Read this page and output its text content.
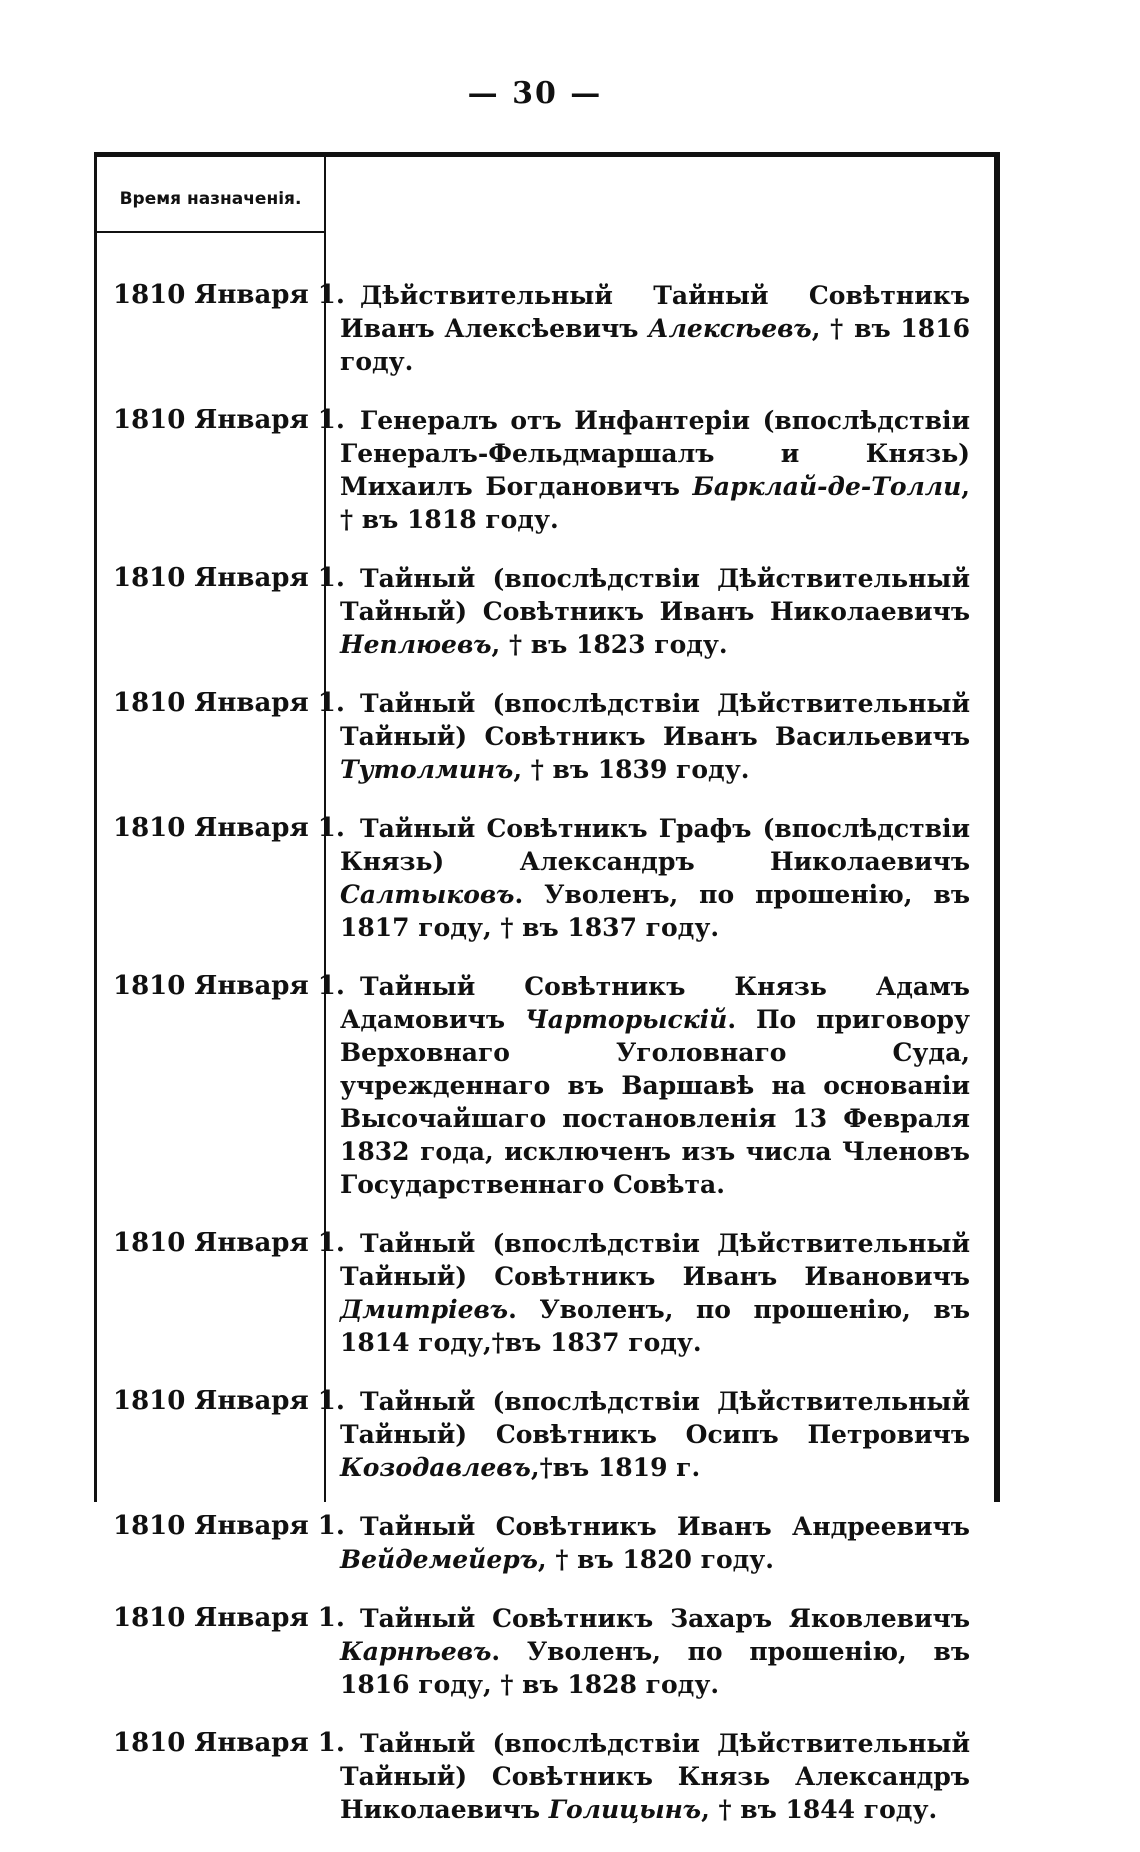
— 30 —
Время назначенія.
1810 Января 1. Дѣйствительный Тайный Совѣтникъ Иванъ Алексѣевичъ Алексѣевъ, † въ 1816 году.
1810 Января 1. Генералъ отъ Инфантеріи (впослѣдствіи Генералъ-Фельдмаршалъ и Князь) Михаилъ Богдановичъ Барклай-де-Толли, † въ 1818 году.
1810 Января 1. Тайный (впослѣдствіи Дѣйствительный Тайный) Совѣтникъ Иванъ Николаевичъ Неплюевъ, † въ 1823 году.
1810 Января 1. Тайный (впослѣдствіи Дѣйствительный Тайный) Совѣтникъ Иванъ Васильевичъ Тутолминъ, † въ 1839 году.
1810 Января 1. Тайный Совѣтникъ Графъ (впослѣдствіи Князь) Александръ Николаевичъ Салтыковъ. Уволенъ, по прошенію, въ 1817 году, † въ 1837 году.
1810 Января 1. Тайный Совѣтникъ Князь Адамъ Адамовичъ Чарторыскій. По приговору Верховнаго Уголовнаго Суда, учрежденнаго въ Варшавѣ на основаніи Высочайшаго постановленія 13 Февраля 1832 года, исключенъ изъ числа Членовъ Государственнаго Совѣта.
1810 Января 1. Тайный (впослѣдствіи Дѣйствительный Тайный) Совѣтникъ Иванъ Ивановичъ Дмитріевъ. Уволенъ, по прошенію, въ 1814 году,†въ 1837 году.
1810 Января 1. Тайный (впослѣдствіи Дѣйствительный Тайный) Совѣтникъ Осипъ Петровичъ Козодавлевъ,†въ 1819 г.
1810 Января 1. Тайный Совѣтникъ Иванъ Андреевичъ Вейдемейеръ, † въ 1820 году.
1810 Января 1. Тайный Совѣтникъ Захаръ Яковлевичъ Карнѣевъ. Уволенъ, по прошенію, въ 1816 году, † въ 1828 году.
1810 Января 1. Тайный (впослѣдствіи Дѣйствительный Тайный) Совѣтникъ Князь Александръ Николаевичъ Голицынъ, † въ 1844 году.
